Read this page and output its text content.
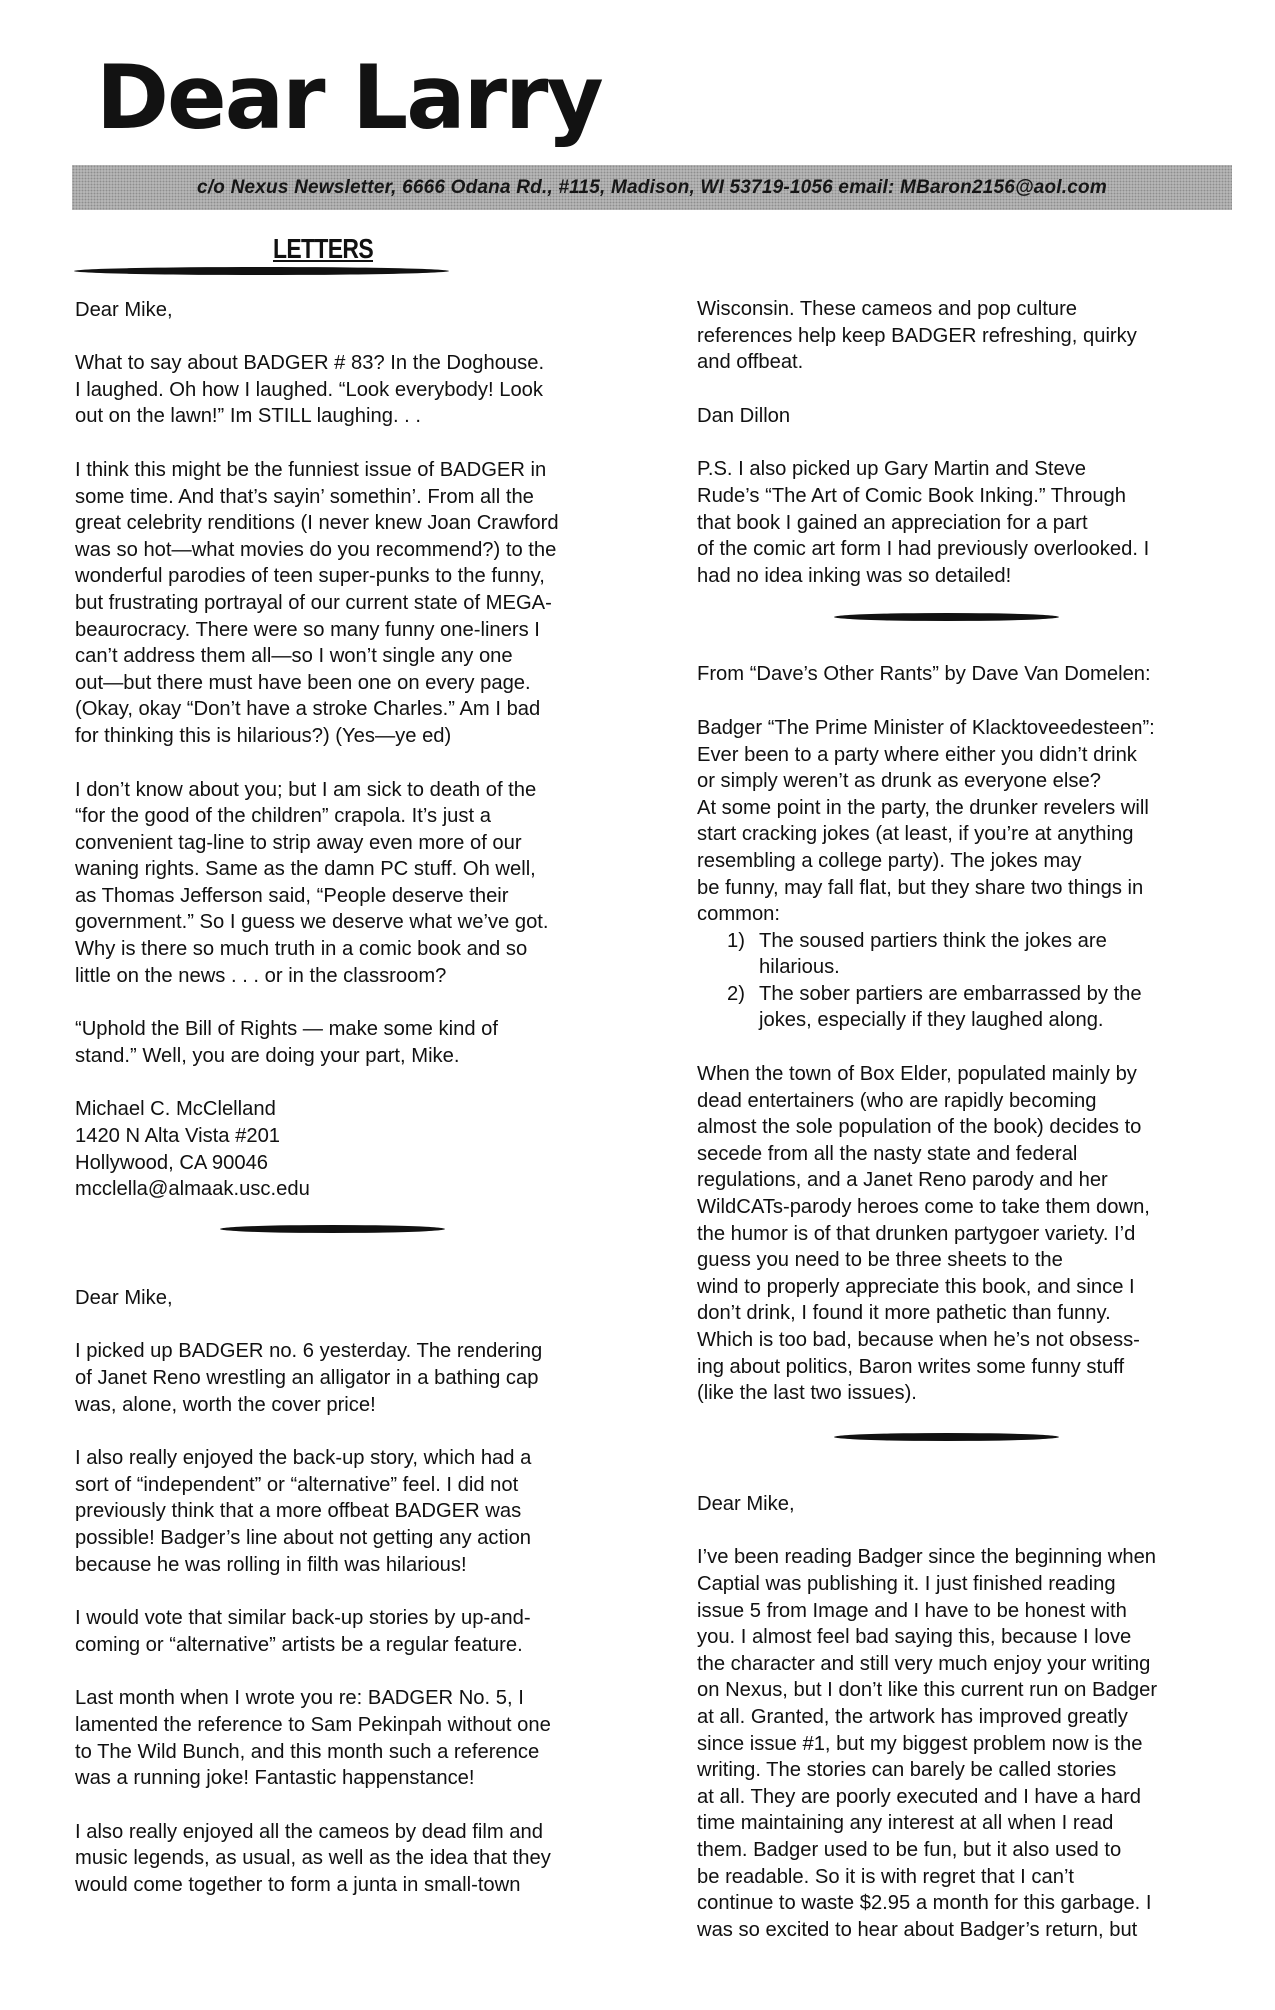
Dear Larry
c/o Nexus Newsletter, 6666 Odana Rd., #115, Madison, WI 53719-1056 email: MBaron2156@aol.com
LETTERS

Dear Mike,

What to say about BADGER # 83? In the Doghouse.
I laughed. Oh how I laughed. “Look everybody! Look
out on the lawn!” Im STILL laughing. . .

I think this might be the funniest issue of BADGER in
some time. And that’s sayin’ somethin’. From all the
great celebrity renditions (I never knew Joan Crawford
was so hot—what movies do you recommend?) to the
wonderful parodies of teen super-punks to the funny,
but frustrating portrayal of our current state of MEGA-
beaurocracy. There were so many funny one-liners I
can’t address them all—so I won’t single any one
out—but there must have been one on every page.
(Okay, okay “Don’t have a stroke Charles.” Am I bad
for thinking this is hilarious?) (Yes—ye ed)

I don’t know about you; but I am sick to death of the
“for the good of the children” crapola. It’s just a
convenient tag-line to strip away even more of our
waning rights. Same as the damn PC stuff. Oh well,
as Thomas Jefferson said, “People deserve their
government.” So I guess we deserve what we’ve got.
Why is there so much truth in a comic book and so
little on the news . . . or in the classroom?

“Uphold the Bill of Rights — make some kind of
stand.” Well, you are doing your part, Mike.

Michael C. McClelland
1420 N Alta Vista #201
Hollywood, CA 90046
mcclella@almaak.usc.edu

Dear Mike,

I picked up BADGER no. 6 yesterday. The rendering
of Janet Reno wrestling an alligator in a bathing cap
was, alone, worth the cover price!

I also really enjoyed the back-up story, which had a
sort of “independent” or “alternative” feel. I did not
previously think that a more offbeat BADGER was
possible! Badger’s line about not getting any action
because he was rolling in filth was hilarious!

I would vote that similar back-up stories by up-and-
coming or “alternative” artists be a regular feature.

Last month when I wrote you re: BADGER No. 5, I
lamented the reference to Sam Pekinpah without one
to The Wild Bunch, and this month such a reference
was a running joke! Fantastic happenstance!

I also really enjoyed all the cameos by dead film and
music legends, as usual, as well as the idea that they
would come together to form a junta in small-town

Wisconsin. These cameos and pop culture
references help keep BADGER refreshing, quirky
and offbeat.

Dan Dillon

P.S. I also picked up Gary Martin and Steve
Rude’s “The Art of Comic Book Inking.” Through
that book I gained an appreciation for a part
of the comic art form I had previously overlooked. I
had no idea inking was so detailed!

From “Dave’s Other Rants” by Dave Van Domelen:

Badger “The Prime Minister of Klacktoveedesteen”:
Ever been to a party where either you didn’t drink
or simply weren’t as drunk as everyone else?
At some point in the party, the drunker revelers will
start cracking jokes (at least, if you’re at anything
resembling a college party). The jokes may
be funny, may fall flat, but they share two things in
common:

1) The soused partiers think the jokes are
hilarious.
2) The sober partiers are embarrassed by the
jokes, especially if they laughed along.

When the town of Box Elder, populated mainly by
dead entertainers (who are rapidly becoming
almost the sole population of the book) decides to
secede from all the nasty state and federal
regulations, and a Janet Reno parody and her
WildCATs-parody heroes come to take them down,
the humor is of that drunken partygoer variety. I’d
guess you need to be three sheets to the
wind to properly appreciate this book, and since I
don’t drink, I found it more pathetic than funny.
Which is too bad, because when he’s not obsess-
ing about politics, Baron writes some funny stuff
(like the last two issues).

Dear Mike,

I’ve been reading Badger since the beginning when
Captial was publishing it. I just finished reading
issue 5 from Image and I have to be honest with
you. I almost feel bad saying this, because I love
the character and still very much enjoy your writing
on Nexus, but I don’t like this current run on Badger
at all. Granted, the artwork has improved greatly
since issue #1, but my biggest problem now is the
writing. The stories can barely be called stories
at all. They are poorly executed and I have a hard
time maintaining any interest at all when I read
them. Badger used to be fun, but it also used to
be readable. So it is with regret that I can’t
continue to waste $2.95 a month for this garbage. I
was so excited to hear about Badger’s return, but
